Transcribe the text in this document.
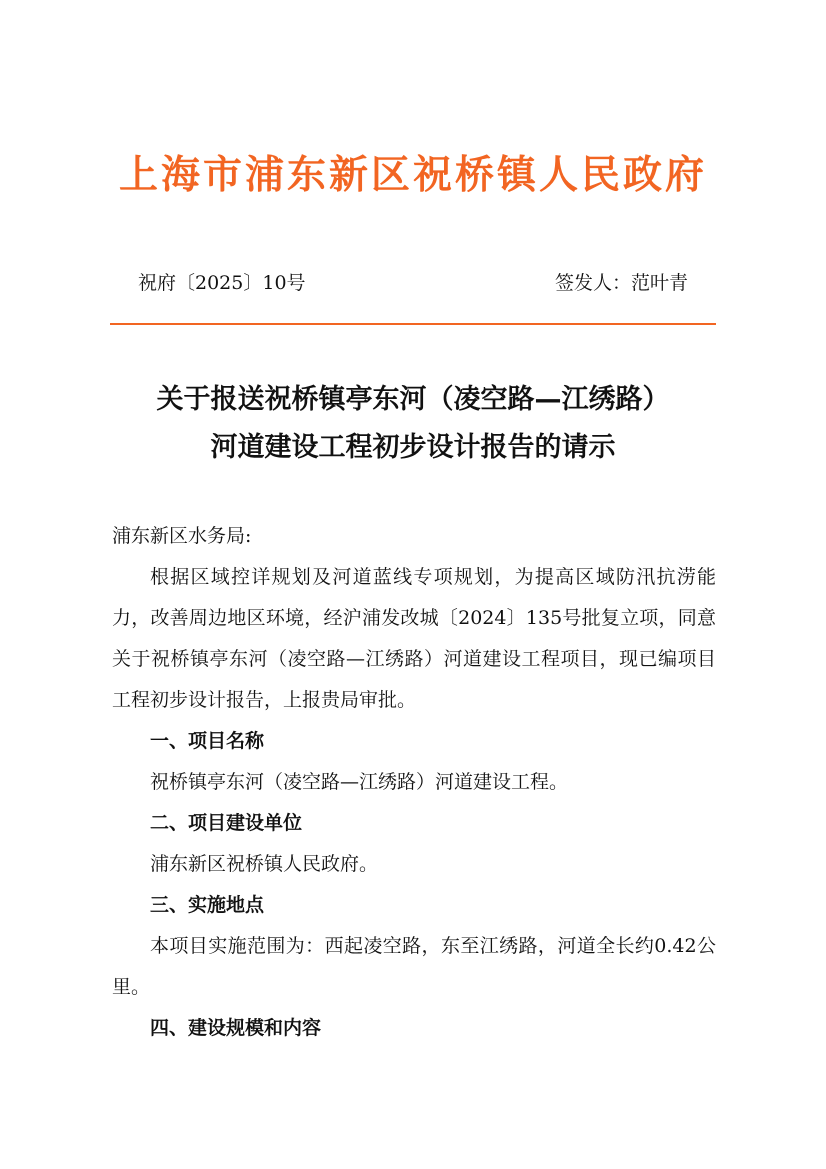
上海市浦东新区祝桥镇人民政府
祝府〔2025〕10号	签发人：范叶青
关于报送祝桥镇亭东河（凌空路—江绣路）
河道建设工程初步设计报告的请示
浦东新区水务局:
根据区域控详规划及河道蓝线专项规划，为提高区域防汛抗涝能力，改善周边地区环境，经沪浦发改城〔2024〕135号批复立项，同意关于祝桥镇亭东河（凌空路—江绣路）河道建设工程项目，现已编项目工程初步设计报告，上报贵局审批。
一、项目名称
祝桥镇亭东河（凌空路—江绣路）河道建设工程。
二、项目建设单位
浦东新区祝桥镇人民政府。
三、实施地点
本项目实施范围为：西起凌空路，东至江绣路，河道全长约0.42公里。
四、建设规模和内容
